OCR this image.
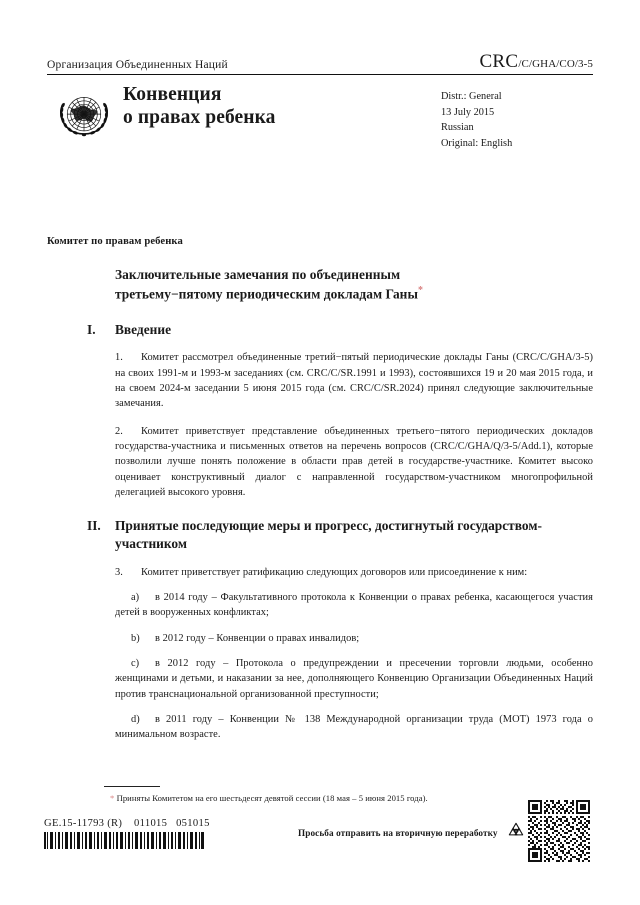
Организация Объединенных Наций	CRC/C/GHA/CO/3-5
Конвенция
о правах ребенка
Distr.: General
13 July 2015
Russian
Original: English
Комитет по правам ребенка
Заключительные замечания по объединенным
третьему−пятому периодическим докладам Ганы*
I.	Введение

1. Комитет рассмотрел объединенные третий−пятый периодические доклады Ганы (CRC/C/GHA/3-5) на своих 1991-м и 1993-м заседаниях (см. CRC/C/SR.1991 и 1993), состоявшихся 19 и 20 мая 2015 года, и на своем 2024-м заседании 5 июня 2015 года (см. CRC/C/SR.2024) принял следующие заключительные замечания.

2. Комитет приветствует представление объединенных третьего−пятого периодических докладов государства-участника и письменных ответов на перечень вопросов (CRC/C/GHA/Q/3-5/Add.1), которые позволили лучше понять положение в области прав детей в государстве-участнике. Комитет высоко оценивает конструктивный диалог с направленной государством-участником многопрофильной делегацией высокого уровня.

II.	Принятые последующие меры и прогресс, достигнутый государством-участником

3. Комитет приветствует ратификацию следующих договоров или присоединение к ним:

a) в 2014 году – Факультативного протокола к Конвенции о правах ребенка, касающегося участия детей в вооруженных конфликтах;

b) в 2012 году – Конвенции о правах инвалидов;

c) в 2012 году – Протокола о предупреждении и пресечении торговли людьми, особенно женщинами и детьми, и наказании за нее, дополняющего Конвенцию Организации Объединенных Наций против транснациональной организованной преступности;

d) в 2011 году – Конвенции № 138 Международной организации труда (МОТ) 1973 года о минимальном возрасте.

* Приняты Комитетом на его шестьдесят девятой сессии (18 мая – 5 июня 2015 года).
GE.15-11793 (R)    011015   051015
Просьба отправить на вторичную переработку
